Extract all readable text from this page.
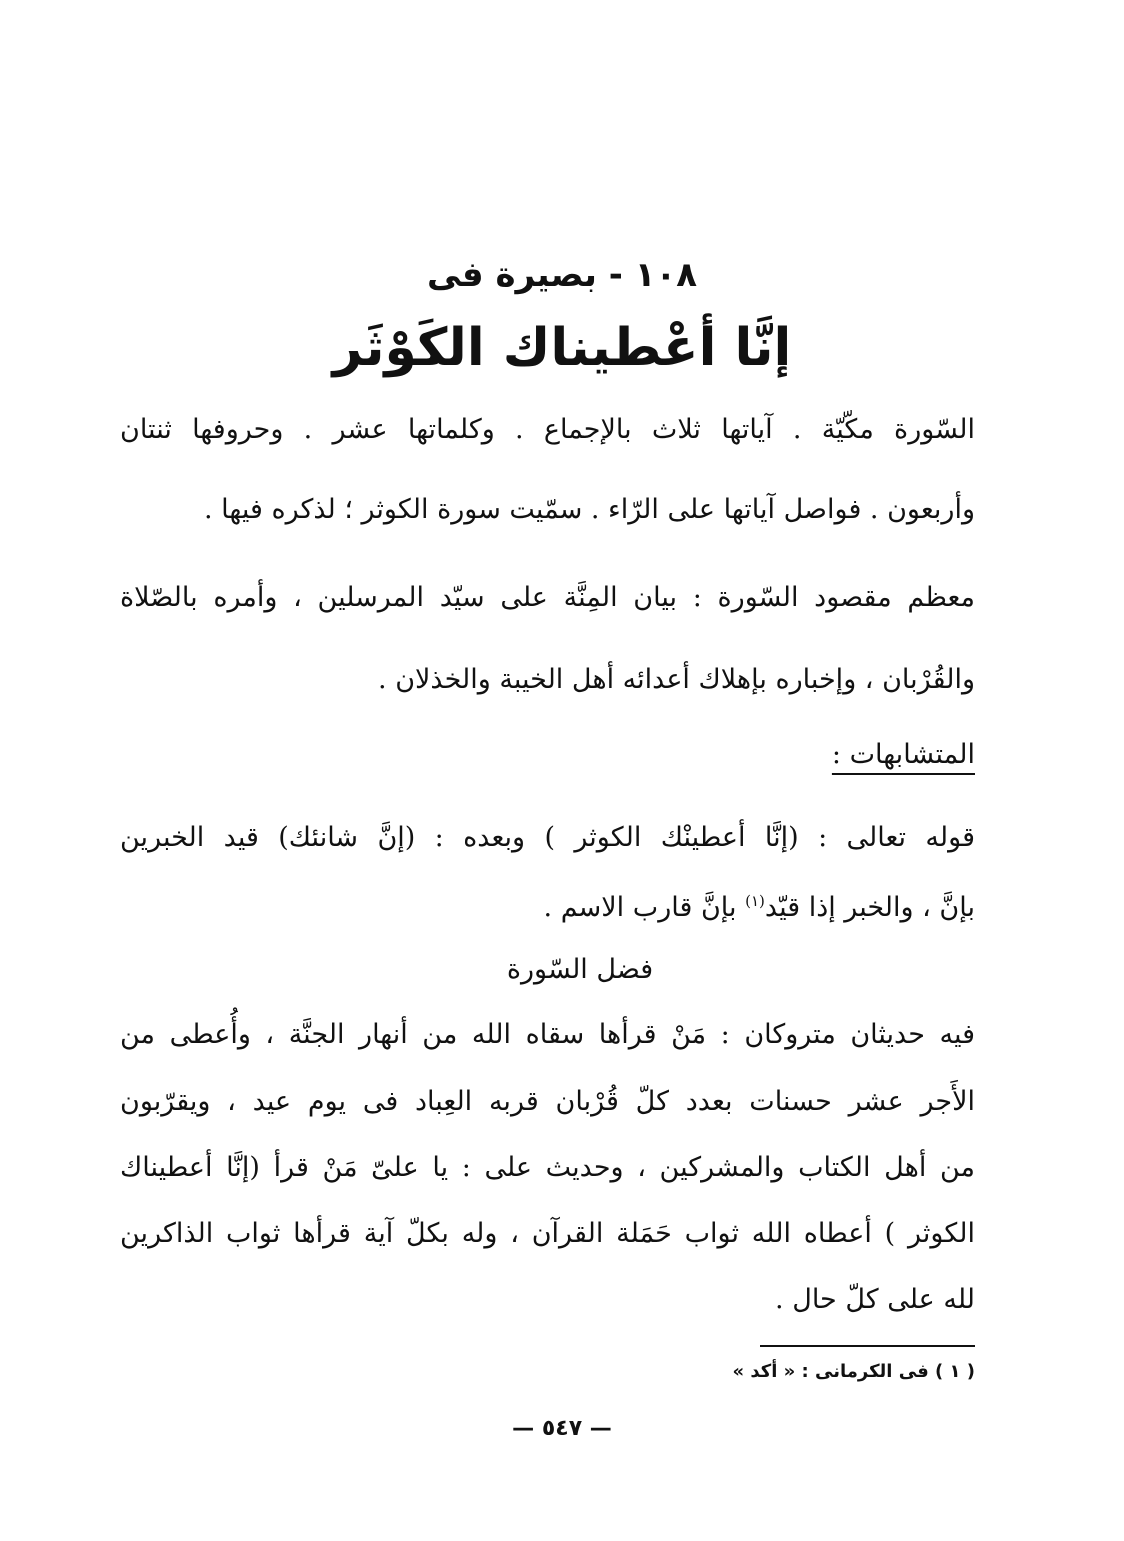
١٠٨ - بصيرة فى
إنَّا أعْطيناك الكَوْثَر
السّورة مكّيّة . آياتها ثلاث بالإجماع . وكلماتها عشر . وحروفها ثنتان
وأربعون . فواصل آياتها على الرّاء . سمّيت سورة الكوثر ؛ لذكره فيها .
معظم مقصود السّورة : بيان المِنَّة على سيّد المرسلين ، وأمره بالصّلاة
والقُرْبان ، وإخباره بإهلاك أعدائه أهل الخيبة والخذلان .
المتشابهات :
قوله تعالى : (إنَّا أعطينْك الكوثر ) وبعده : (إنَّ شانئك) قيد الخبرين
بإنَّ ، والخبر إذا قيّد$^{(١)}$ بإنَّ قارب الاسم .
فضل السّورة
فيه حديثان متروكان : مَنْ قرأها سقاه الله من أنهار الجنَّة ، وأُعطى من
الأَجر عشر حسنات بعدد كلّ قُرْبان قربه العِباد فى يوم عيد ، ويقرّبون
من أهل الكتاب والمشركين ، وحديث على : يا علىّ مَنْ قرأ (إنَّا أعطيناك
الكوثر ) أعطاه الله ثواب حَمَلة القرآن ، وله بكلّ آية قرأها ثواب الذاكرين
لله على كلّ حال .
( ١ ) فى الكرمانى : « أكد »
— ٥٤٧ —
